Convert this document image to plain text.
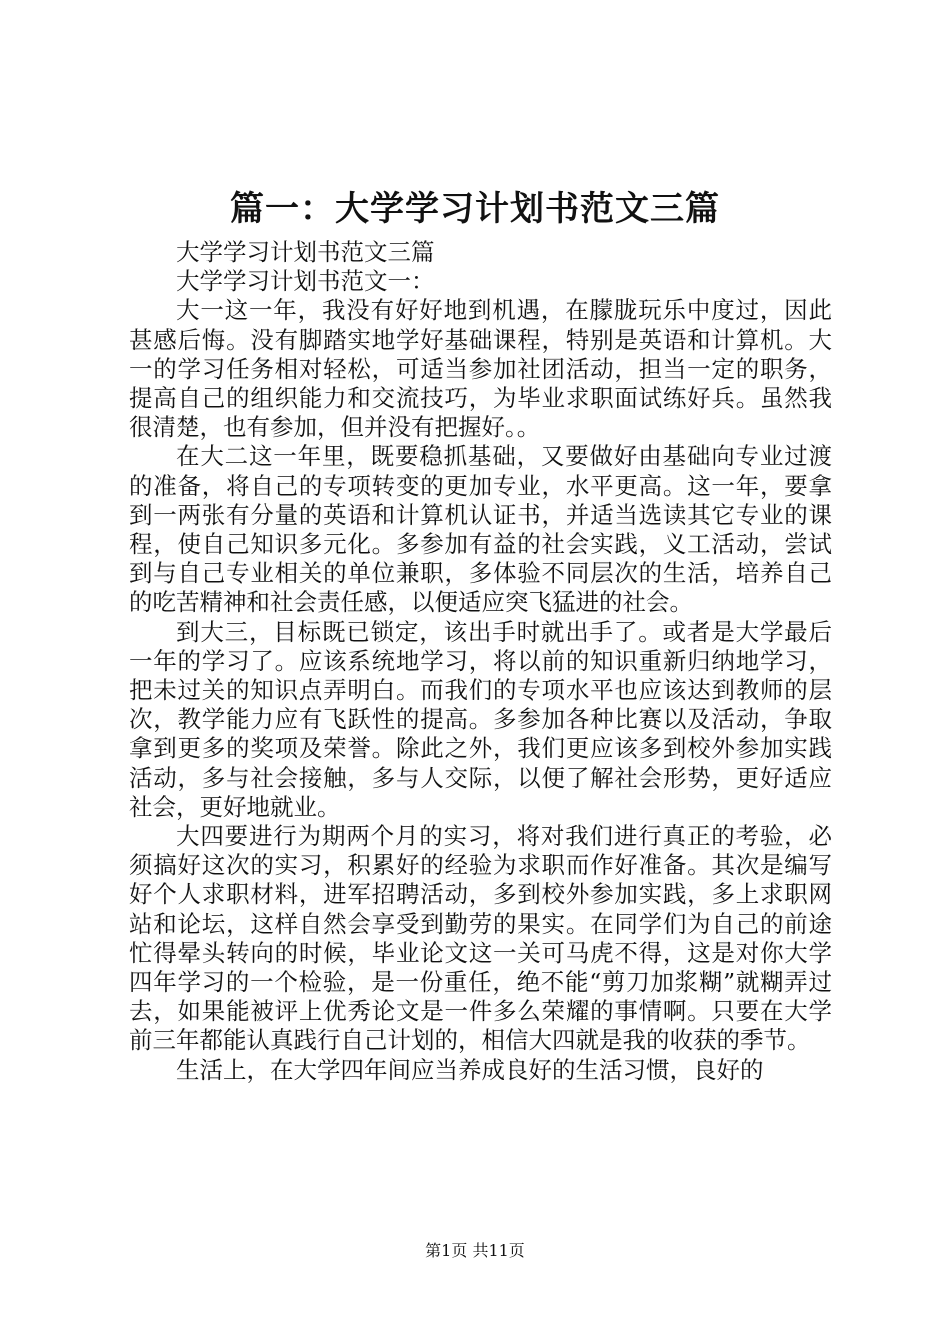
篇一：大学学习计划书范文三篇

大学学习计划书范文三篇

大学学习计划书范文一：

大一这一年，我没有好好地到机遇，在朦胧玩乐中度过，因此甚感后悔。没有脚踏实地学好基础课程，特别是英语和计算机。大一的学习任务相对轻松，可适当参加社团活动，担当一定的职务，提高自己的组织能力和交流技巧，为毕业求职面试练好兵。虽然我很清楚，也有参加，但并没有把握好。。

在大二这一年里，既要稳抓基础，又要做好由基础向专业过渡的准备，将自己的专项转变的更加专业，水平更高。这一年，要拿到一两张有分量的英语和计算机认证书，并适当选读其它专业的课程，使自己知识多元化。多参加有益的社会实践，义工活动，尝试到与自己专业相关的单位兼职，多体验不同层次的生活，培养自己的吃苦精神和社会责任感，以便适应突飞猛进的社会。

到大三，目标既已锁定，该出手时就出手了。或者是大学最后一年的学习了。应该系统地学习，将以前的知识重新归纳地学习，把未过关的知识点弄明白。而我们的专项水平也应该达到教师的层次，教学能力应有飞跃性的提高。多参加各种比赛以及活动，争取拿到更多的奖项及荣誉。除此之外，我们更应该多到校外参加实践活动，多与社会接触，多与人交际，以便了解社会形势，更好适应社会，更好地就业。

大四要进行为期两个月的实习，将对我们进行真正的考验，必须搞好这次的实习，积累好的经验为求职而作好准备。其次是编写好个人求职材料，进军招聘活动，多到校外参加实践，多上求职网站和论坛，这样自然会享受到勤劳的果实。在同学们为自己的前途忙得晕头转向的时候，毕业论文这一关可马虎不得，这是对你大学四年学习的一个检验，是一份重任，绝不能“剪刀加浆糊”就糊弄过去，如果能被评上优秀论文是一件多么荣耀的事情啊。只要在大学前三年都能认真践行自己计划的，相信大四就是我的收获的季节。

生活上，在大学四年间应当养成良好的生活习惯，良好的

第1页 共11页
